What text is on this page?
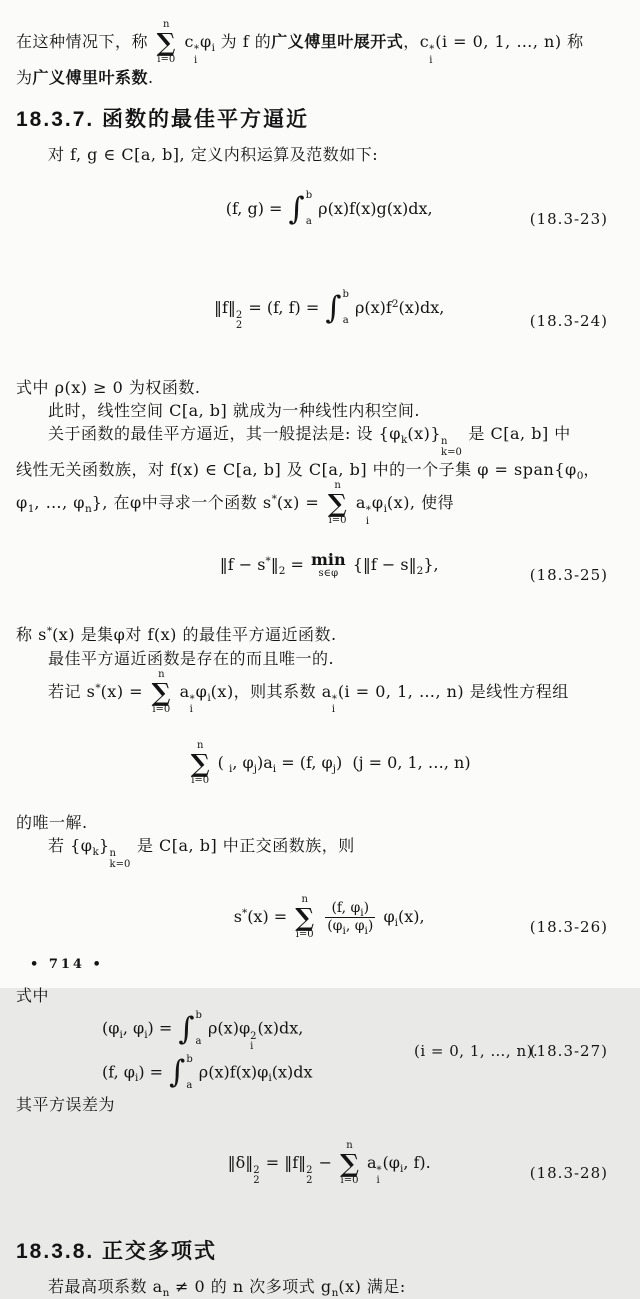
在这种情况下，称
n
∑
i=0
c *
i
$\varphi_i$ 为 f 的广义傅里叶展开式，c *
i
(i = 0, 1, …, n) 称
为广义傅里叶系数.
18.3.7. 函数的最佳平方逼近
对 f, g ∈ C[a, b], 定义内积运算及范数如下:

(f, g) = ∫ b
a
ρ(x)f(x)g(x)dx,

(18.3-23)

‖f‖ 2
2
= (f, f) = ∫ b
a
$\rho(x)f^2(x)dx$,

(18.3-24)

式中 ρ(x) ≥ 0 为权函数.
此时，线性空间 C[a, b] 就成为一种线性内积空间.
关于函数的最佳平方逼近，其一般提法是: 设 $\{\varphi_k(x)\}$ n
k=0
是 C[a, b] 中
线性无关函数族，对 f(x) ∈ C[a, b] 及 C[a, b] 中的一个子集 $\varphi = span\{\varphi_0$，
$\varphi_1$, …, $\varphi_n$}, 在φ中寻求一个函数 s*(x) =
n
∑
i=0
a *
i
$\varphi_i(x)$, 使得

‖f − $s^*‖_2 = \min$
s∈φ {‖f − $s‖_2$},

(18.3-25)

称 s*(x) 是集φ对 f(x) 的最佳平方逼近函数.
最佳平方逼近函数是存在的而且唯一的.
若记 s*(x) =
n
∑
i=0
a *
i
$\varphi_i(x)$，则其系数 a *
i
(i = 0, 1, …, n) 是线性方程组

n
∑
i=0
( $_i$, $\varphi_j)a_i = (f$, $\varphi_j$)  (j = 0, 1, …, n)

的唯一解.
若 $\{\varphi_k\}$ n
k=0
是 C[a, b] 中正交函数族，则

s*(x) =
n
∑
i=0
$\frac{(f, \varphi_i)}{(\varphi_i, \varphi_i)} \varphi_i(x)$,

(18.3-26)

式中
($\varphi_i$, $\varphi_i$) = ∫ b
a
ρ(x)φ 2
i
(x)dx,
(f, $\varphi_i$) = ∫ b
a
$\rho(x)f(x)\varphi_i(x)dx$
(i = 0, 1, …, n).
(18.3-27)
其平方误差为

‖δ‖ 2
2
= ‖f‖ 2
2
−
n
∑
i=0
a *
i
($\varphi_i$, f).

(18.3-28)

18.3.8. 正交多项式
若最高项系数 $a_n \ne 0$ 的 n 次多项式 $g_n(x)$ 满足:
• 714 •
